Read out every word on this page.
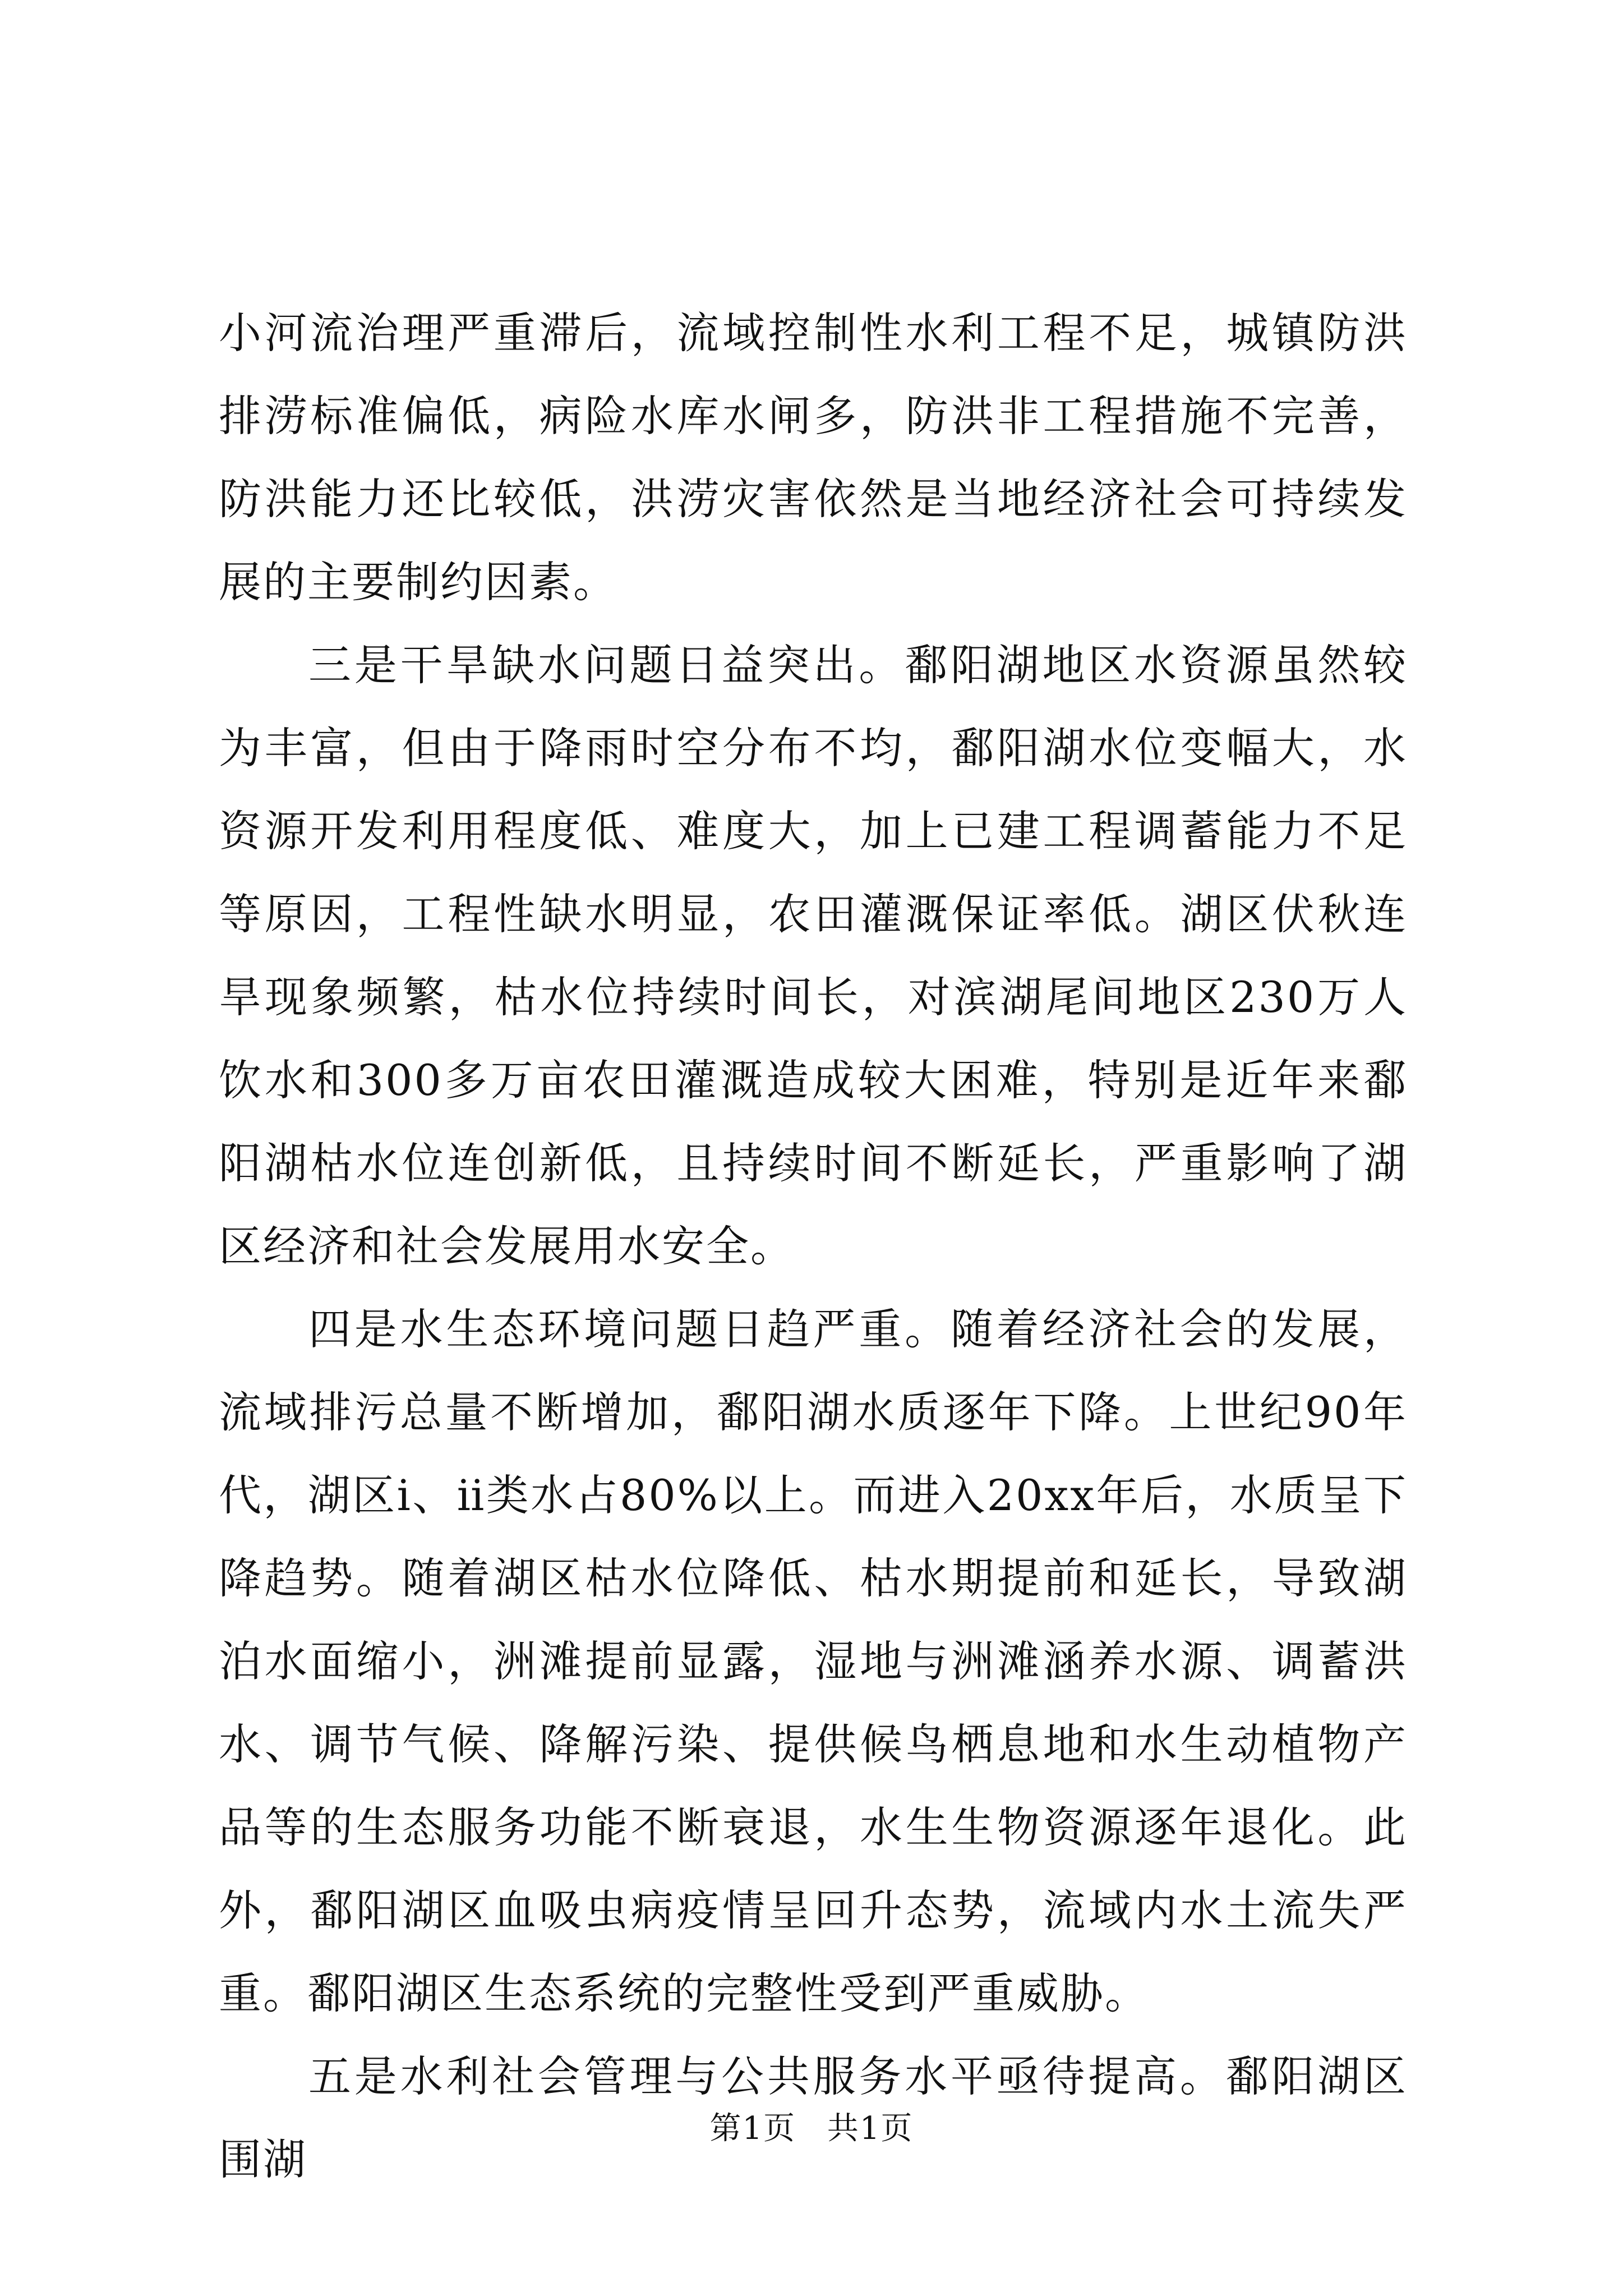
小河流治理严重滞后，流域控制性水利工程不足，城镇防洪排涝标准偏低，病险水库水闸多，防洪非工程措施不完善，防洪能力还比较低，洪涝灾害依然是当地经济社会可持续发展的主要制约因素。

三是干旱缺水问题日益突出。鄱阳湖地区水资源虽然较为丰富，但由于降雨时空分布不均，鄱阳湖水位变幅大，水资源开发利用程度低、难度大，加上已建工程调蓄能力不足等原因，工程性缺水明显，农田灌溉保证率低。湖区伏秋连旱现象频繁，枯水位持续时间长，对滨湖尾间地区230万人饮水和300多万亩农田灌溉造成较大困难，特别是近年来鄱阳湖枯水位连创新低，且持续时间不断延长，严重影响了湖区经济和社会发展用水安全。

四是水生态环境问题日趋严重。随着经济社会的发展，流域排污总量不断增加，鄱阳湖水质逐年下降。上世纪90年代，湖区ⅰ、ⅱ类水占80%以上。而进入20xx年后，水质呈下降趋势。随着湖区枯水位降低、枯水期提前和延长，导致湖泊水面缩小，洲滩提前显露，湿地与洲滩涵养水源、调蓄洪水、调节气候、降解污染、提供候鸟栖息地和水生动植物产品等的生态服务功能不断衰退，水生生物资源逐年退化。此外，鄱阳湖区血吸虫病疫情呈回升态势，流域内水土流失严重。鄱阳湖区生态系统的完整性受到严重威胁。

五是水利社会管理与公共服务水平亟待提高。鄱阳湖区围湖

第1页 共1页
